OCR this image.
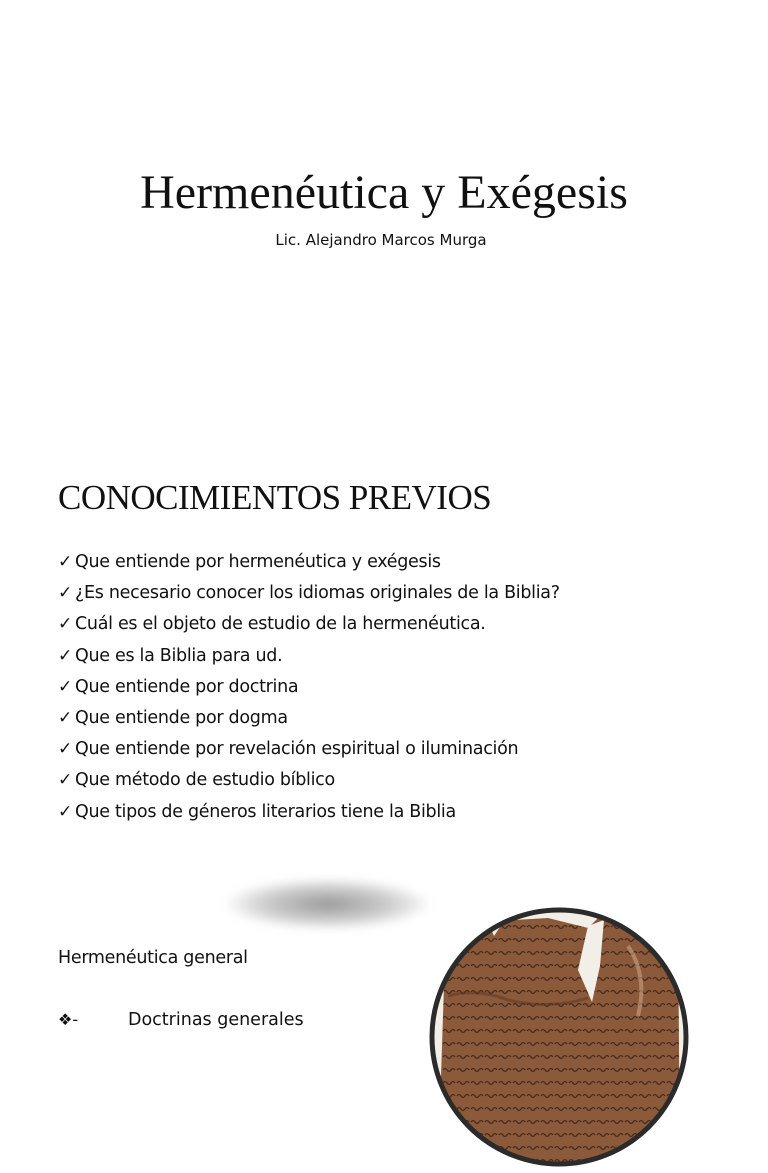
Hermenéutica y Exégesis
Lic. Alejandro Marcos Murga
CONOCIMIENTOS PREVIOS
✓ Que entiende por hermenéutica y exégesis
✓ ¿Es necesario conocer los idiomas originales de la Biblia?
✓ Cuál es el objeto de estudio de la hermenéutica.
✓ Que es la Biblia para ud.
✓ Que entiende por doctrina
✓ Que entiende por dogma
✓ Que entiende por revelación espiritual o iluminación
✓ Que método de estudio bíblico
✓ Que tipos de géneros literarios tiene la Biblia
Hermenéutica general
❖-	Doctrinas generales
